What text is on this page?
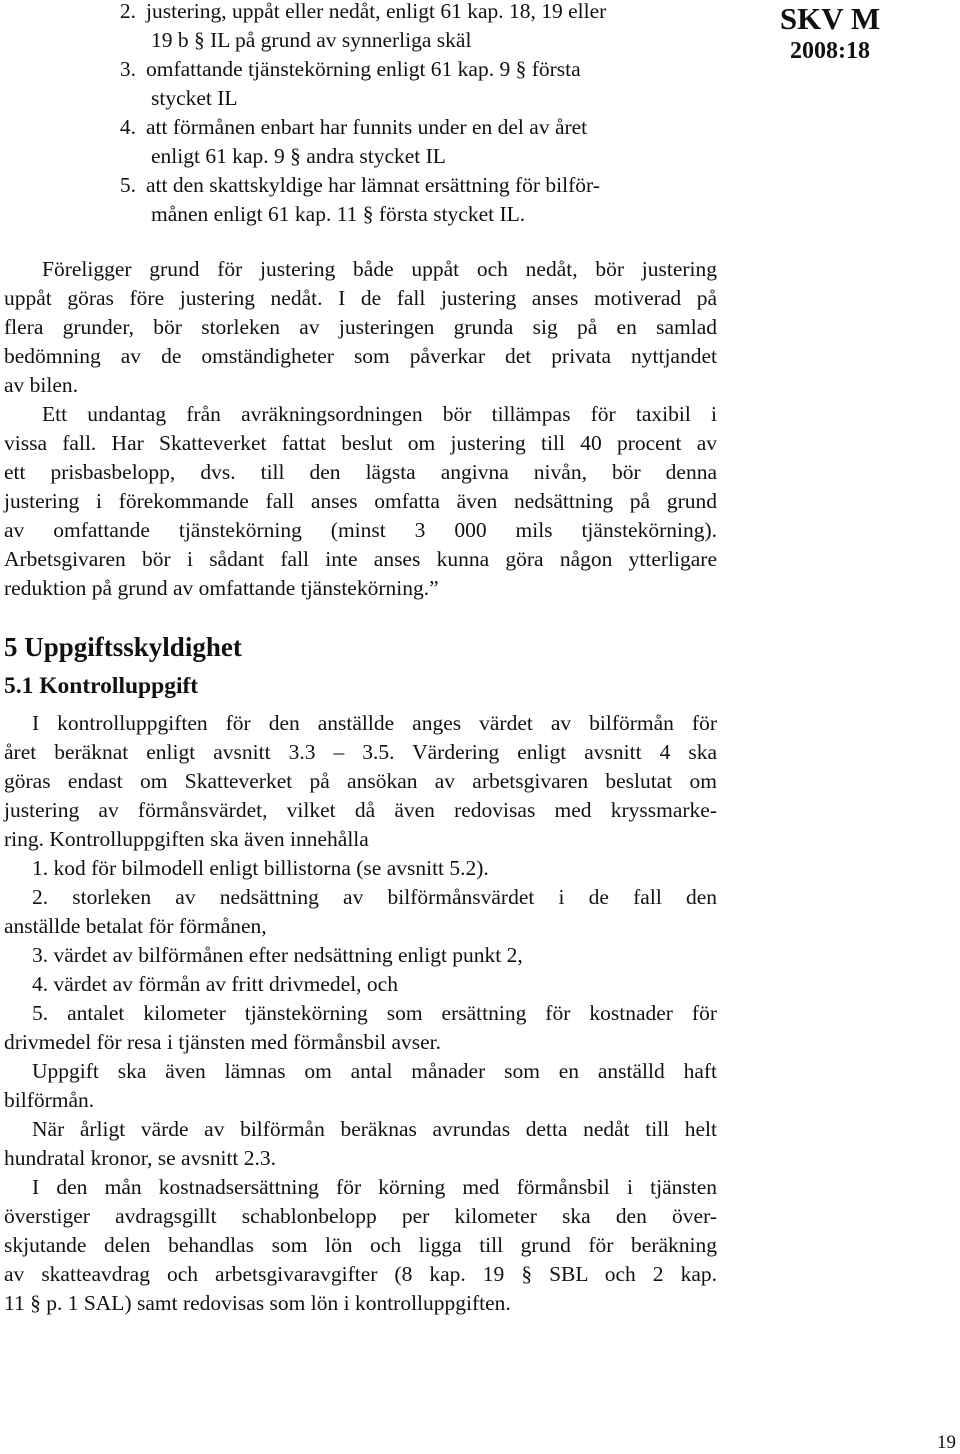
SKV M
2008:18
2. justering, uppåt eller nedåt, enligt 61 kap. 18, 19 eller
19 b § IL på grund av synnerliga skäl
3. omfattande tjänstekörning enligt 61 kap. 9 § första
stycket IL
4. att förmånen enbart har funnits under en del av året
enligt 61 kap. 9 § andra stycket IL
5. att den skattskyldige har lämnat ersättning för bilför-
månen enligt 61 kap. 11 § första stycket IL.
Föreligger grund för justering både uppåt och nedåt, bör justering
uppåt göras före justering nedåt. I de fall justering anses motiverad på
flera grunder, bör storleken av justeringen grunda sig på en samlad
bedömning av de omständigheter som påverkar det privata nyttjandet
av bilen.
Ett undantag från avräkningsordningen bör tillämpas för taxibil i
vissa fall. Har Skatteverket fattat beslut om justering till 40 procent av
ett prisbasbelopp, dvs. till den lägsta angivna nivån, bör denna
justering i förekommande fall anses omfatta även nedsättning på grund
av omfattande tjänstekörning (minst 3 000 mils tjänstekörning).
Arbetsgivaren bör i sådant fall inte anses kunna göra någon ytterligare
reduktion på grund av omfattande tjänstekörning.”
5 Uppgiftsskyldighet
5.1 Kontrolluppgift
I kontrolluppgiften för den anställde anges värdet av bilförmån för
året beräknat enligt avsnitt 3.3 – 3.5. Värdering enligt avsnitt 4 ska
göras endast om Skatteverket på ansökan av arbetsgivaren beslutat om
justering av förmånsvärdet, vilket då även redovisas med kryssmarke-
ring. Kontrolluppgiften ska även innehålla
1. kod för bilmodell enligt billistorna (se avsnitt 5.2).
2. storleken av nedsättning av bilförmånsvärdet i de fall den
anställde betalat för förmånen,
3. värdet av bilförmånen efter nedsättning enligt punkt 2,
4. värdet av förmån av fritt drivmedel, och
5. antalet kilometer tjänstekörning som ersättning för kostnader för
drivmedel för resa i tjänsten med förmånsbil avser.
Uppgift ska även lämnas om antal månader som en anställd haft
bilförmån.
När årligt värde av bilförmån beräknas avrundas detta nedåt till helt
hundratal kronor, se avsnitt 2.3.
I den mån kostnadsersättning för körning med förmånsbil i tjänsten
överstiger avdragsgillt schablonbelopp per kilometer ska den över-
skjutande delen behandlas som lön och ligga till grund för beräkning
av skatteavdrag och arbetsgivaravgifter (8 kap. 19 § SBL och 2 kap.
11 § p. 1 SAL) samt redovisas som lön i kontrolluppgiften.
19
